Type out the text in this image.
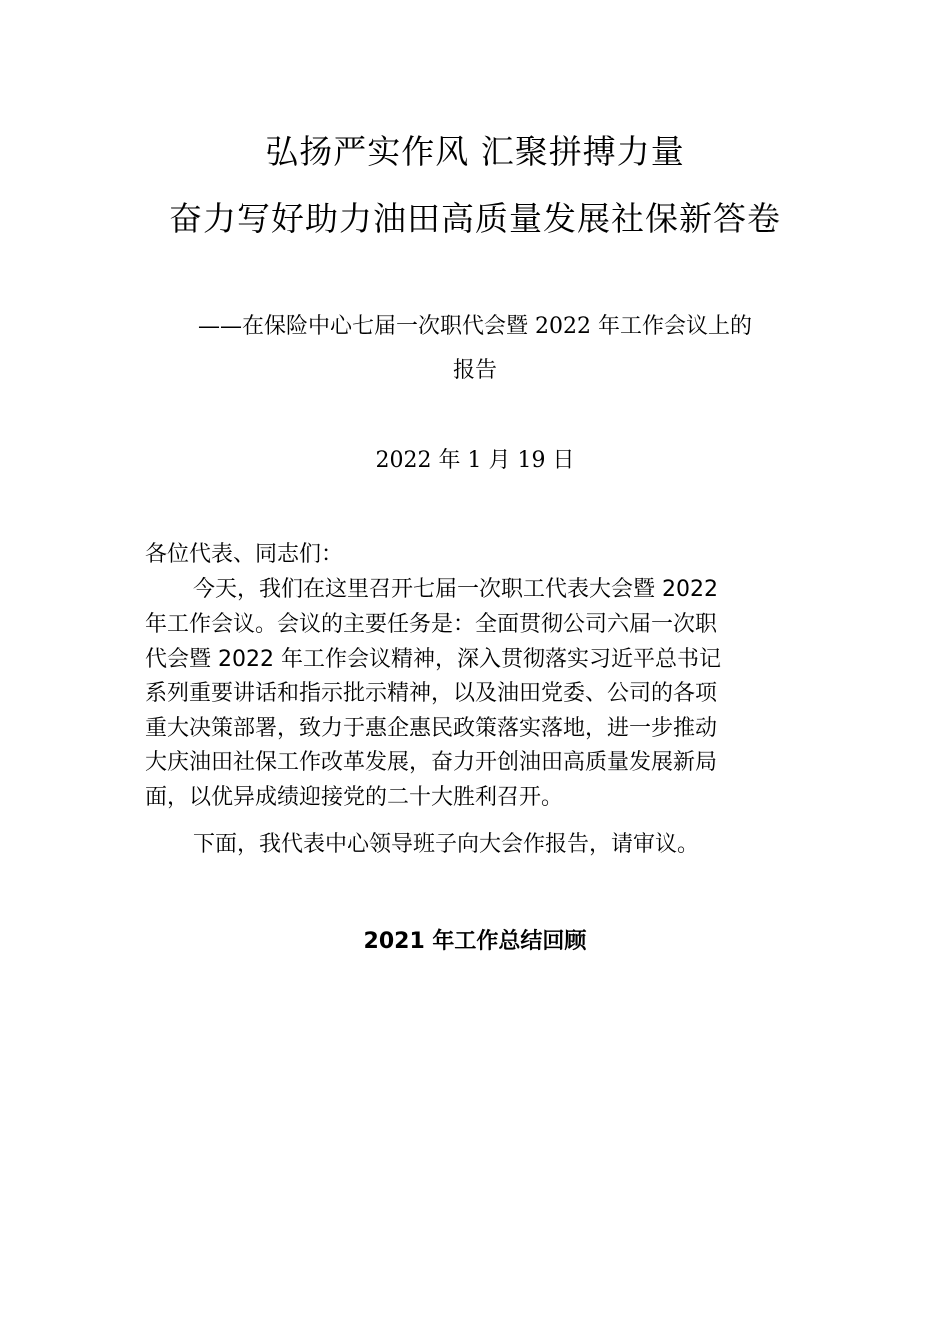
弘扬严实作风 汇聚拼搏力量
奋力写好助力油田高质量发展社保新答卷
——在保险中心七届一次职代会暨 2022 年工作会议上的
报告
2022 年 1 月 19 日
各位代表、同志们：
今天，我们在这里召开七届一次职工代表大会暨 2022
年工作会议。会议的主要任务是：全面贯彻公司六届一次职
代会暨 2022 年工作会议精神，深入贯彻落实习近平总书记
系列重要讲话和指示批示精神，以及油田党委、公司的各项
重大决策部署，致力于惠企惠民政策落实落地，进一步推动
大庆油田社保工作改革发展，奋力开创油田高质量发展新局
面，以优异成绩迎接党的二十大胜利召开。
下面，我代表中心领导班子向大会作报告，请审议。
2021 年工作总结回顾
